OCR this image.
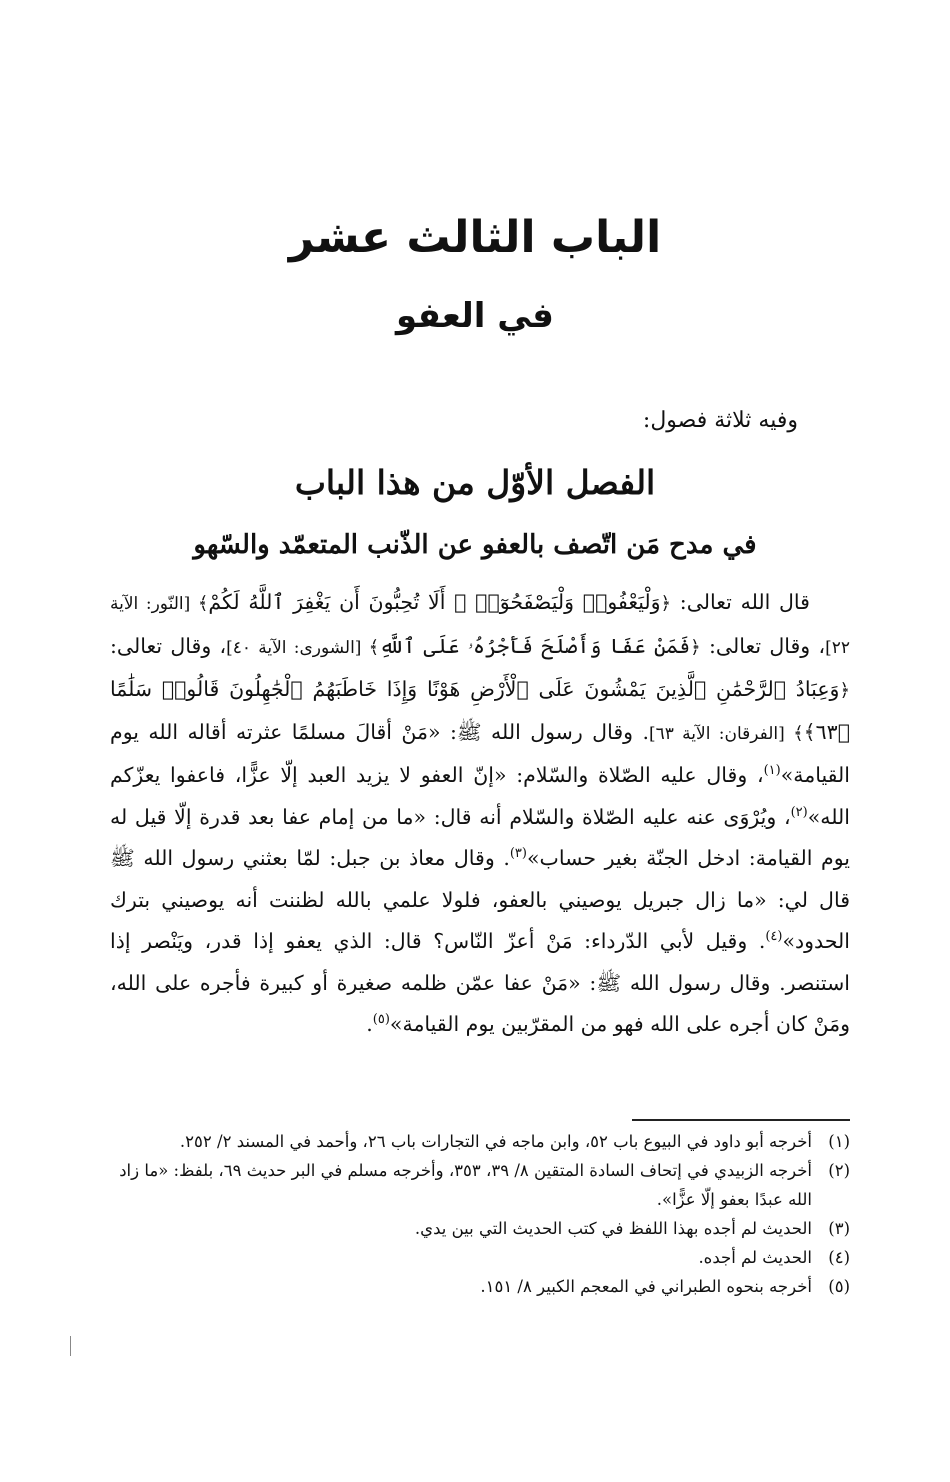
الباب الثالث عشر
في العفو

وفيه ثلاثة فصول:

الفصل الأوّل من هذا الباب
في مدح مَن اتّصف بالعفو عن الذّنب المتعمّد والسّهو

قال الله تعالى: ﴿وَلْيَعْفُوا۟ وَلْيَصْفَحُوٓا۟ ۗ أَلَا تُحِبُّونَ أَن يَغْفِرَ ٱللَّهُ لَكُمْ﴾ [النّور: الآية ٢٢]، وقال تعالى: ﴿فَمَنْ عَفَا وَأَصْلَحَ فَأَجْرُهُۥ عَلَى ٱللَّهِ﴾ [الشورى: الآية ٤٠]، وقال تعالى: ﴿وَعِبَادُ ٱلرَّحْمَٰنِ ٱلَّذِينَ يَمْشُونَ عَلَى ٱلْأَرْضِ هَوْنًا وَإِذَا خَاطَبَهُمُ ٱلْجَٰهِلُونَ قَالُوا۟ سَلَٰمًا ﴿٦٣﴾﴾ [الفرقان: الآية ٦٣]. وقال رسول الله ﷺ: «مَنْ أقالَ مسلمًا عثرته أقاله الله يوم القيامة»$^{(١)}$، وقال عليه الصّلاة والسّلام: «إنّ العفو لا يزيد العبد إلّا عزًّا، فاعفوا يعزّكم الله»$^{(٢)}$، ويُرْوَى عنه عليه الصّلاة والسّلام أنه قال: «ما من إمام عفا بعد قدرة إلّا قيل له يوم القيامة: ادخل الجنّة بغير حساب»$^{(٣)}$. وقال معاذ بن جبل: لمّا بعثني رسول الله ﷺ قال لي: «ما زال جبريل يوصيني بالعفو، فلولا علمي بالله لظننت أنه يوصيني بترك الحدود»$^{(٤)}$. وقيل لأبي الدّرداء: مَنْ أعزّ النّاس؟ قال: الذي يعفو إذا قدر، ويَنْصر إذا استنصر. وقال رسول الله ﷺ: «مَنْ عفا عمّن ظلمه صغيرة أو كبيرة فأجره على الله، ومَنْ كان أجره على الله فهو من المقرّبين يوم القيامة»$^{(٥)}$.

(١)
أخرجه أبو داود في البيوع باب ٥٢، وابن ماجه في التجارات باب ٢٦، وأحمد في المسند ٢/ ٢٥٢.
(٢)
أخرجه الزبيدي في إتحاف السادة المتقين ٨/ ٣٩، ٣٥٣، وأخرجه مسلم في البر حديث ٦٩، بلفظ: «ما زاد الله عبدًا بعفو إلّا عزًّا».
(٣)
الحديث لم أجده بهذا اللفظ في كتب الحديث التي بين يدي.
(٤)
الحديث لم أجده.
(٥)
أخرجه بنحوه الطبراني في المعجم الكبير ٨/ ١٥١.
